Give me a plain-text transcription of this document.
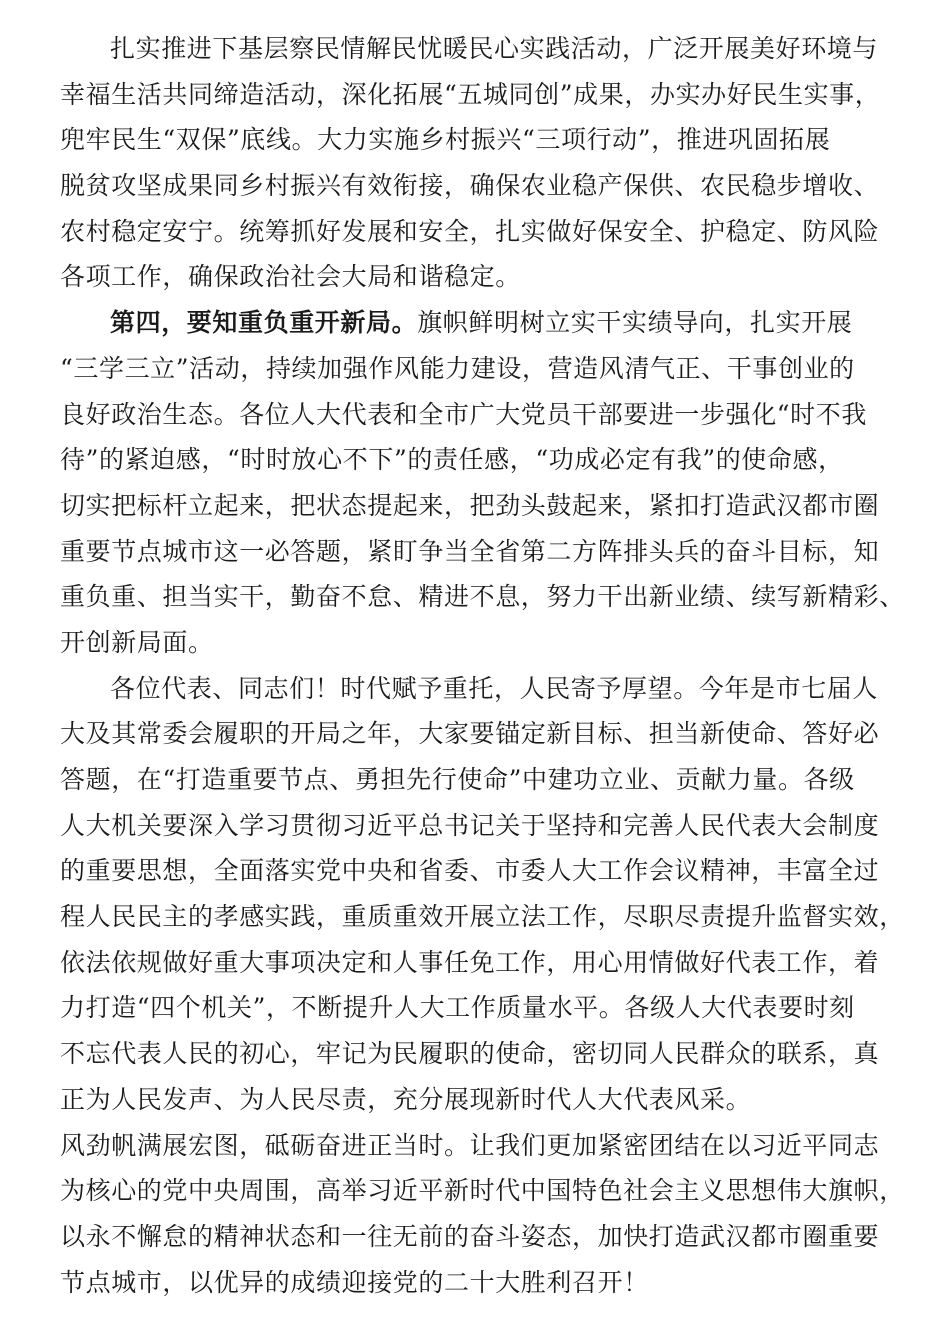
扎实推进下基层察民情解民忧暖民心实践活动，广泛开展美好环境与
幸福生活共同缔造活动，深化拓展“五城同创”成果，办实办好民生实事，
兜牢民生“双保”底线。大力实施乡村振兴“三项行动”，推进巩固拓展
脱贫攻坚成果同乡村振兴有效衔接，确保农业稳产保供、农民稳步增收、
农村稳定安宁。统筹抓好发展和安全，扎实做好保安全、护稳定、防风险
各项工作，确保政治社会大局和谐稳定。
第四，要知重负重开新局。旗帜鲜明树立实干实绩导向，扎实开展
“三学三立”活动，持续加强作风能力建设，营造风清气正、干事创业的
良好政治生态。各位人大代表和全市广大党员干部要进一步强化“时不我
待”的紧迫感，“时时放心不下”的责任感，“功成必定有我”的使命感，
切实把标杆立起来，把状态提起来，把劲头鼓起来，紧扣打造武汉都市圈
重要节点城市这一必答题，紧盯争当全省第二方阵排头兵的奋斗目标，知
重负重、担当实干，勤奋不怠、精进不息，努力干出新业绩、续写新精彩、
开创新局面。
各位代表、同志们！时代赋予重托，人民寄予厚望。今年是市七届人
大及其常委会履职的开局之年，大家要锚定新目标、担当新使命、答好必
答题，在“打造重要节点、勇担先行使命”中建功立业、贡献力量。各级
人大机关要深入学习贯彻习近平总书记关于坚持和完善人民代表大会制度
的重要思想，全面落实党中央和省委、市委人大工作会议精神，丰富全过
程人民民主的孝感实践，重质重效开展立法工作，尽职尽责提升监督实效，
依法依规做好重大事项决定和人事任免工作，用心用情做好代表工作，着
力打造“四个机关”，不断提升人大工作质量水平。各级人大代表要时刻
不忘代表人民的初心，牢记为民履职的使命，密切同人民群众的联系，真
正为人民发声、为人民尽责，充分展现新时代人大代表风采。
风劲帆满展宏图，砥砺奋进正当时。让我们更加紧密团结在以习近平同志
为核心的党中央周围，高举习近平新时代中国特色社会主义思想伟大旗帜，
以永不懈怠的精神状态和一往无前的奋斗姿态，加快打造武汉都市圈重要
节点城市，以优异的成绩迎接党的二十大胜利召开！
